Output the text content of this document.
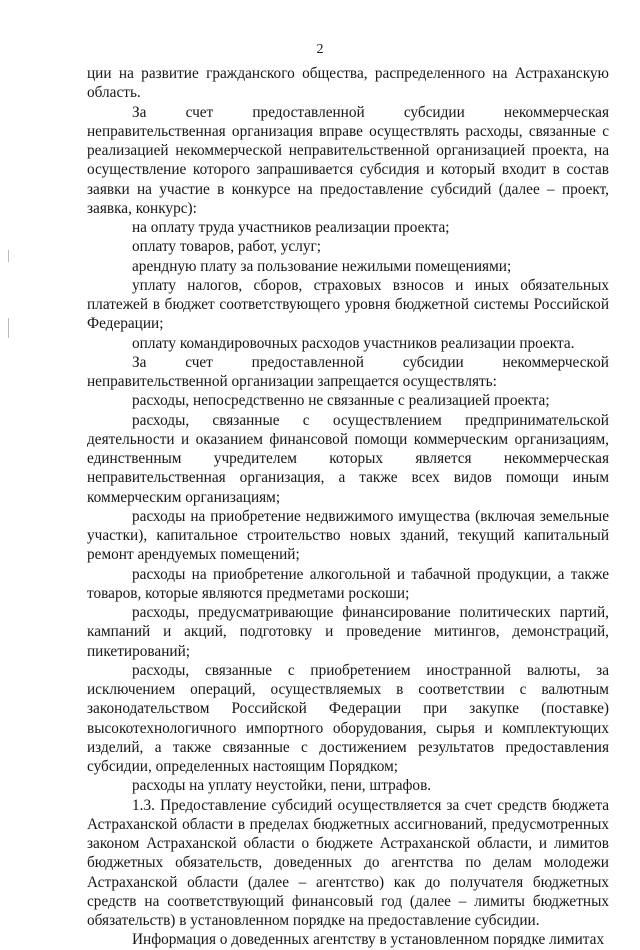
2

ции на развитие гражданского общества, распределенного на Астраханскую область.

За счет предоставленной субсидии некоммерческая неправительственная организация вправе осуществлять расходы, связанные с реализацией некоммерческой неправительственной организацией проекта, на осуществление которого запрашивается субсидия и который входит в состав заявки на участие в конкурсе на предоставление субсидий (далее – проект, заявка, конкурс):

на оплату труда участников реализации проекта;

оплату товаров, работ, услуг;

арендную плату за пользование нежилыми помещениями;

уплату налогов, сборов, страховых взносов и иных обязательных платежей в бюджет соответствующего уровня бюджетной системы Российской Федерации;

оплату командировочных расходов участников реализации проекта.

За счет предоставленной субсидии некоммерческой неправительственной организации запрещается осуществлять:

расходы, непосредственно не связанные с реализацией проекта;

расходы, связанные с осуществлением предпринимательской деятельности и оказанием финансовой помощи коммерческим организациям, единственным учредителем которых является некоммерческая неправительственная организация, а также всех видов помощи иным коммерческим организациям;

расходы на приобретение недвижимого имущества (включая земельные участки), капитальное строительство новых зданий, текущий капитальный ремонт арендуемых помещений;

расходы на приобретение алкогольной и табачной продукции, а также товаров, которые являются предметами роскоши;

расходы, предусматривающие финансирование политических партий, кампаний и акций, подготовку и проведение митингов, демонстраций, пикетирований;

расходы, связанные с приобретением иностранной валюты, за исключением операций, осуществляемых в соответствии с валютным законодательством Российской Федерации при закупке (поставке) высокотехнологичного импортного оборудования, сырья и комплектующих изделий, а также связанные с достижением результатов предоставления субсидии, определенных настоящим Порядком;

расходы на уплату неустойки, пени, штрафов.

1.3. Предоставление субсидий осуществляется за счет средств бюджета Астраханской области в пределах бюджетных ассигнований, предусмотренных законом Астраханской области о бюджете Астраханской области, и лимитов бюджетных обязательств, доведенных до агентства по делам молодежи Астраханской области (далее – агентство) как до получателя бюджетных средств на соответствующий финансовый год (далее – лимиты бюджетных обязательств) в установленном порядке на предоставление субсидии.

Информация о доведенных агентству в установленном порядке лимитах
